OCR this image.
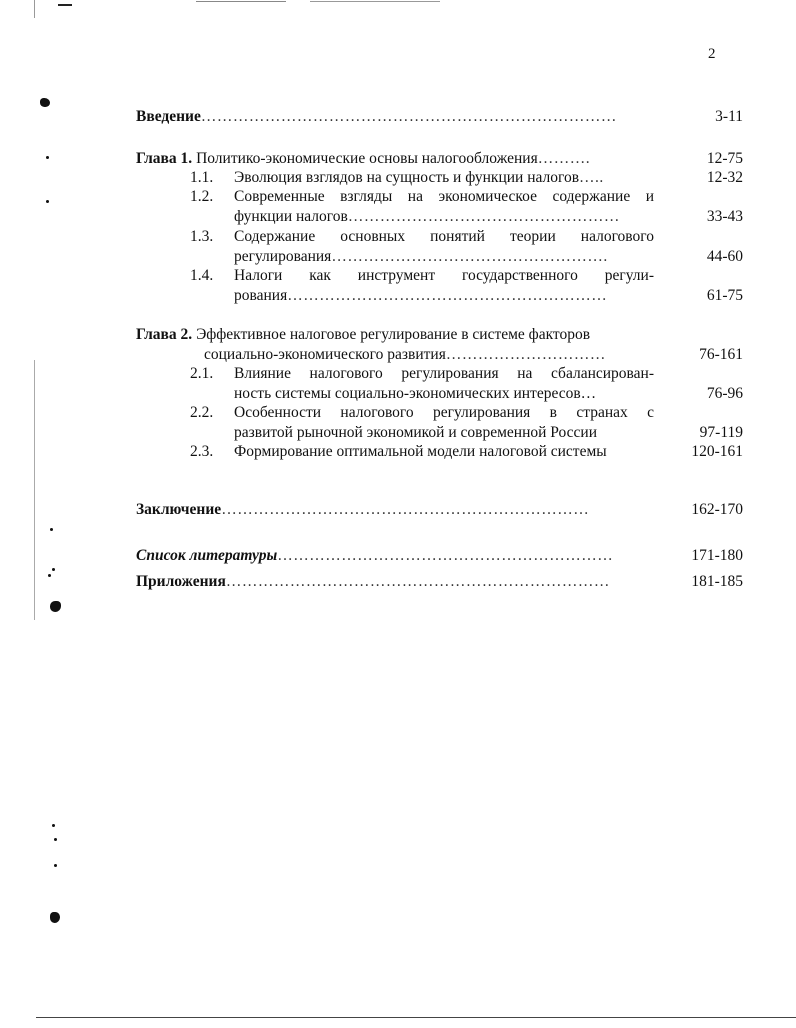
2
Введение……………………………………………………………………	3-11
Глава 1. Политико-экономические основы налогообложения……….	12-75
1.1.	Эволюция взглядов на сущность и функции налогов…..	12-32
1.2.	Современные взгляды на экономическое содержание и
функции налогов……………………………………………	33-43
1.3.	Содержание основных понятий теории налогового
регулирования…………………………………………….	44-60
1.4.	Налоги как инструмент государственного регули-
рования……………………………………………………	61-75
Глава 2. Эффективное налоговое регулирование в системе факторов
социально-экономического развития…………………………	76-161
2.1.	Влияние налогового регулирования на сбалансирован-
ность системы социально-экономических интересов…	76-96
2.2.	Особенности налогового регулирования в странах с
развитой рыночной экономикой и современной России	97-119
2.3.	Формирование оптимальной модели налоговой системы	120-161
Заключение……………………………………………………………	162-170
Список литературы………………………………………………………	171-180
Приложения………………………………………………………………	181-185
